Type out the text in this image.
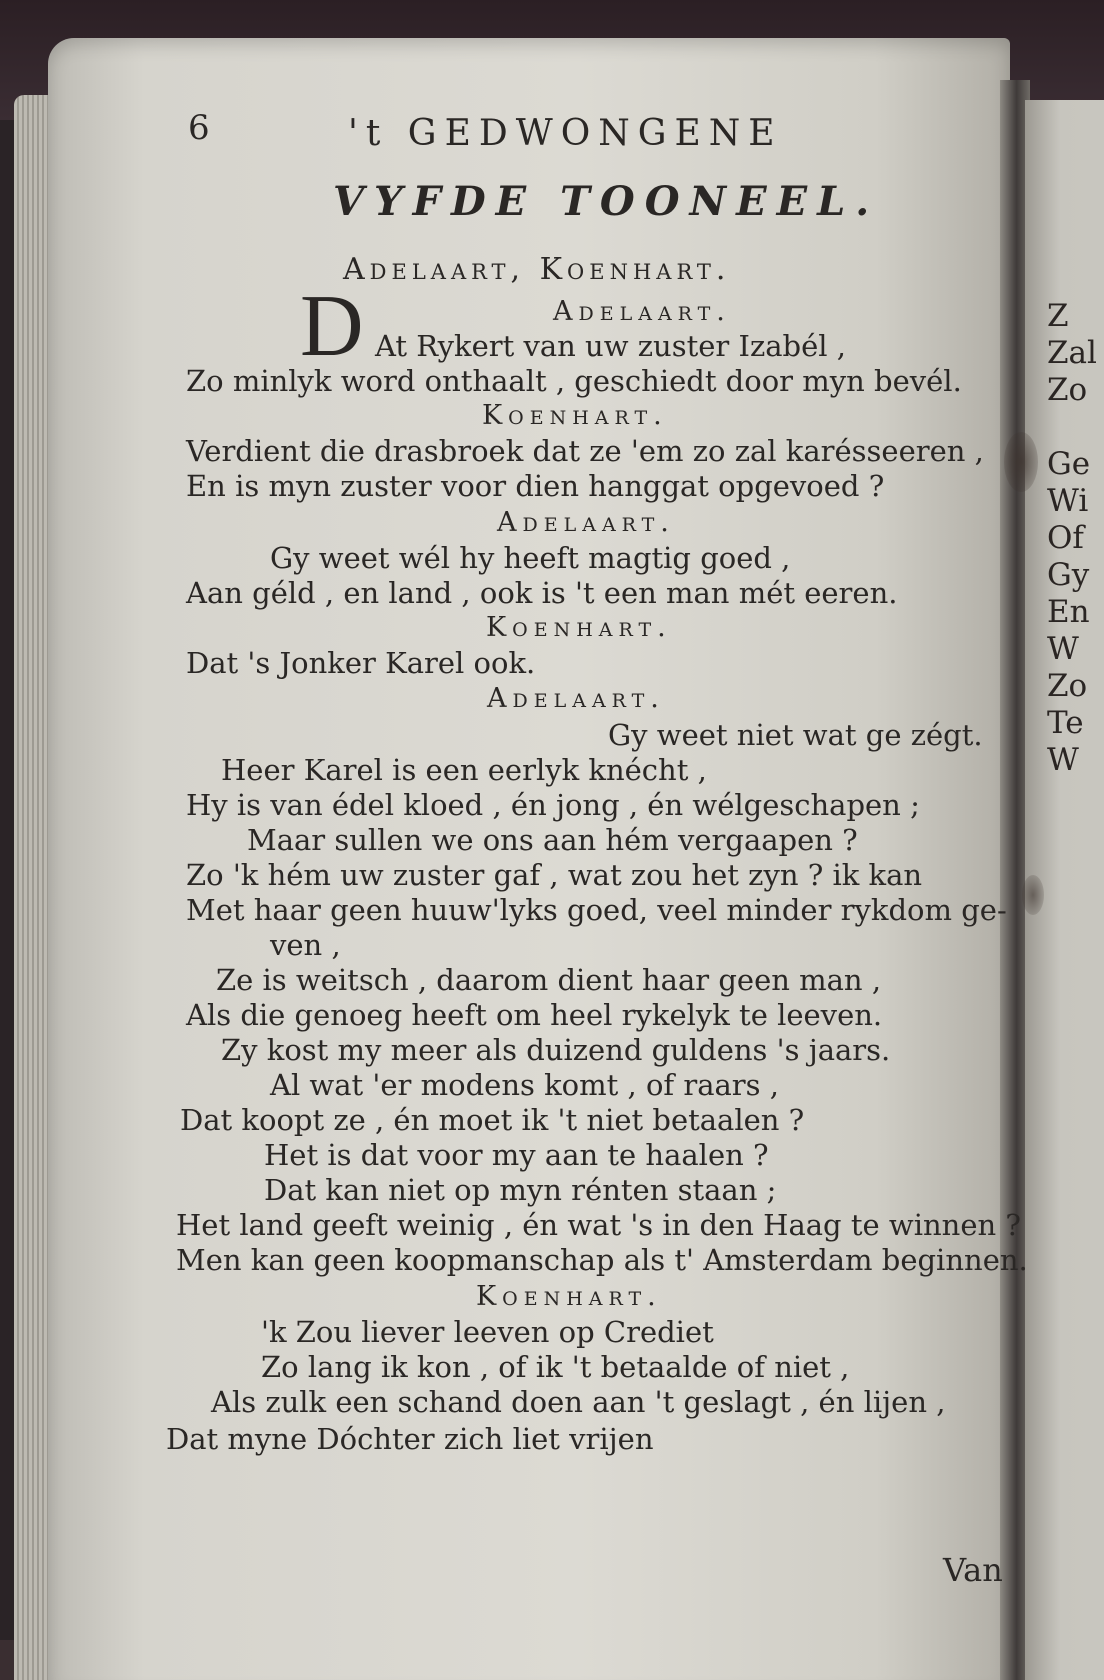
Z
Zal
Zo
Ge
Wi
Of
Gy
En
W
Zo
Te
W
6	't GEDWONGENE
VYFDE TOONEEL.
Adelaart, Koenhart.
D	Adelaart.
At Rykert van uw zuster Izabél ,
Zo minlyk word onthaalt , geschiedt door myn bevél.
Koenhart.
Verdient die drasbroek dat ze 'em zo zal karésseeren ,
En is myn zuster voor dien hanggat opgevoed ?
Adelaart.
Gy weet wél hy heeft magtig goed ,
Aan géld , en land , ook is 't een man mét eeren.
Koenhart.
Dat 's Jonker Karel ook.
Adelaart.
Gy weet niet wat ge zégt.
Heer Karel is een eerlyk knécht ,
Hy is van édel kloed , én jong , én wélgeschapen ;
Maar sullen we ons aan hém vergaapen ?
Zo 'k hém uw zuster gaf , wat zou het zyn ? ik kan
Met haar geen huuw'lyks goed, veel minder rykdom ge-
ven ,
Ze is weitsch , daarom dient haar geen man ,
Als die genoeg heeft om heel rykelyk te leeven.
Zy kost my meer als duizend guldens 's jaars.
Al wat 'er modens komt , of raars ,
Dat koopt ze , én moet ik 't niet betaalen ?
Het is dat voor my aan te haalen ?
Dat kan niet op myn rénten staan ;
Het land geeft weinig , én wat 's in den Haag te winnen ?
Men kan geen koopmanschap als t' Amsterdam beginnen.
Koenhart.
'k Zou liever leeven op Crediet
Zo lang ik kon , of ik 't betaalde of niet ,
Als zulk een schand doen aan 't geslagt , én lijen ,
Dat myne Dóchter zich liet vrijen
Van
